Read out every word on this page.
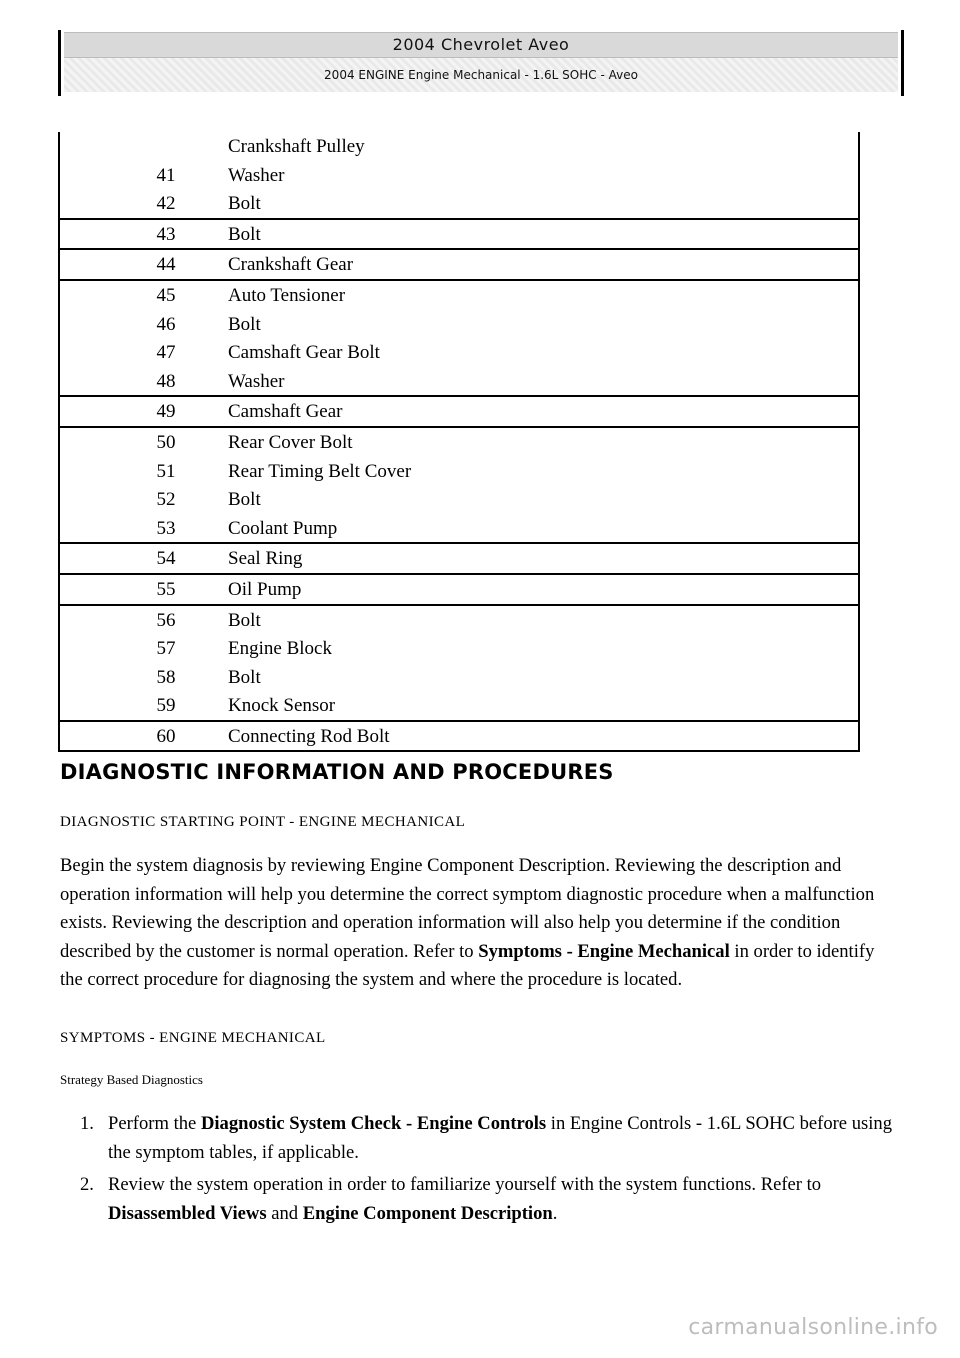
2004 Chevrolet Aveo
2004 ENGINE Engine Mechanical - 1.6L SOHC - Aveo
Crankshaft Pulley
41	Washer
42	Bolt
43	Bolt
44	Crankshaft Gear
45	Auto Tensioner
46	Bolt
47	Camshaft Gear Bolt
48	Washer
49	Camshaft Gear
50	Rear Cover Bolt
51	Rear Timing Belt Cover
52	Bolt
53	Coolant Pump
54	Seal Ring
55	Oil Pump
56	Bolt
57	Engine Block
58	Bolt
59	Knock Sensor
60	Connecting Rod Bolt
DIAGNOSTIC INFORMATION AND PROCEDURES
DIAGNOSTIC STARTING POINT - ENGINE MECHANICAL

Begin the system diagnosis by reviewing Engine Component Description. Reviewing the description and operation information will help you determine the correct symptom diagnostic procedure when a malfunction exists. Reviewing the description and operation information will also help you determine if the condition described by the customer is normal operation. Refer to Symptoms - Engine Mechanical in order to identify the correct procedure for diagnosing the system and where the procedure is located.

SYMPTOMS - ENGINE MECHANICAL
Strategy Based Diagnostics
1. Perform the Diagnostic System Check - Engine Controls in Engine Controls - 1.6L SOHC before using the symptom tables, if applicable.
2. Review the system operation in order to familiarize yourself with the system functions. Refer to Disassembled Views and Engine Component Description.
carmanualsonline.info
